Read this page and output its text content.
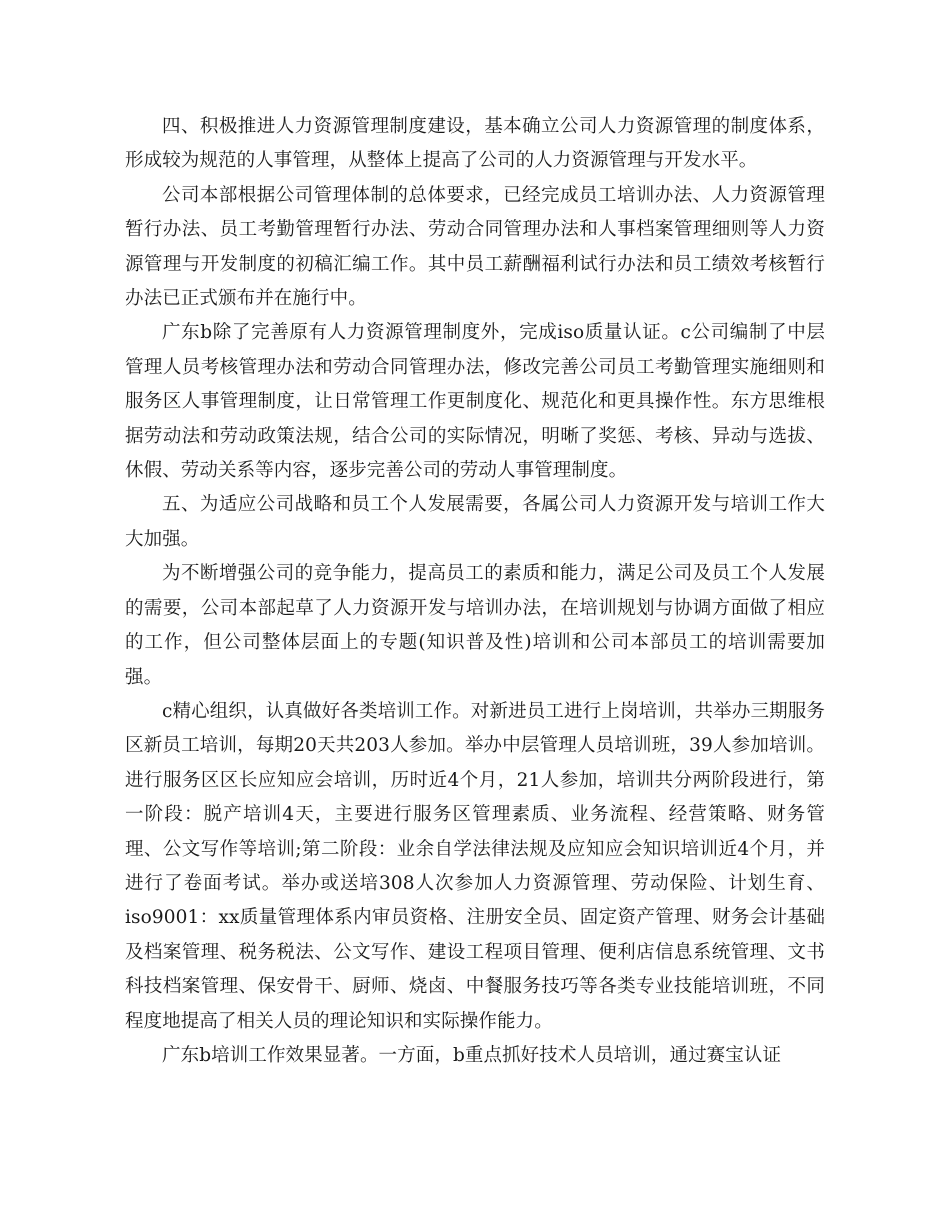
四、积极推进人力资源管理制度建设，基本确立公司人力资源管理的制度体系，形成较为规范的人事管理，从整体上提高了公司的人力资源管理与开发水平。

公司本部根据公司管理体制的总体要求，已经完成员工培训办法、人力资源管理暂行办法、员工考勤管理暂行办法、劳动合同管理办法和人事档案管理细则等人力资源管理与开发制度的初稿汇编工作。其中员工薪酬福利试行办法和员工绩效考核暂行办法已正式颁布并在施行中。

广东b除了完善原有人力资源管理制度外，完成iso质量认证。c公司编制了中层管理人员考核管理办法和劳动合同管理办法，修改完善公司员工考勤管理实施细则和服务区人事管理制度，让日常管理工作更制度化、规范化和更具操作性。东方思维根据劳动法和劳动政策法规，结合公司的实际情况，明晰了奖惩、考核、异动与选拔、休假、劳动关系等内容，逐步完善公司的劳动人事管理制度。

五、为适应公司战略和员工个人发展需要，各属公司人力资源开发与培训工作大大加强。

为不断增强公司的竞争能力，提高员工的素质和能力，满足公司及员工个人发展的需要，公司本部起草了人力资源开发与培训办法，在培训规划与协调方面做了相应的工作，但公司整体层面上的专题(知识普及性)培训和公司本部员工的培训需要加强。

c精心组织，认真做好各类培训工作。对新进员工进行上岗培训，共举办三期服务区新员工培训，每期20天共203人参加。举办中层管理人员培训班，39人参加培训。进行服务区区长应知应会培训，历时近4个月，21人参加，培训共分两阶段进行，第一阶段：脱产培训4天，主要进行服务区管理素质、业务流程、经营策略、财务管理、公文写作等培训;第二阶段：业余自学法律法规及应知应会知识培训近4个月，并进行了卷面考试。举办或送培308人次参加人力资源管理、劳动保险、计划生育、iso9001：xx质量管理体系内审员资格、注册安全员、固定资产管理、财务会计基础及档案管理、税务税法、公文写作、建设工程项目管理、便利店信息系统管理、文书科技档案管理、保安骨干、厨师、烧卤、中餐服务技巧等各类专业技能培训班，不同程度地提高了相关人员的理论知识和实际操作能力。

广东b培训工作效果显著。一方面，b重点抓好技术人员培训，通过赛宝认证
